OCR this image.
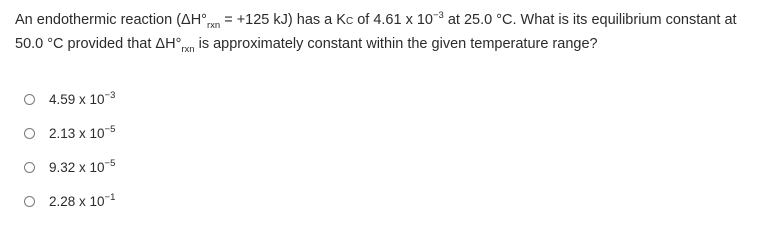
An endothermic reaction ($\Delta H^\circ_{rxn} = +125$ kJ) has a KC of 4.61 x $10^{-3}$ at 25.0 °C. What is its equilibrium constant at 50.0 °C provided that $\Delta H^\circ_{rxn}$ is approximately constant within the given temperature range?

4.59 x $10^{-3}$
2.13 x $10^{-5}$
9.32 x $10^{-5}$
2.28 x $10^{-1}$
